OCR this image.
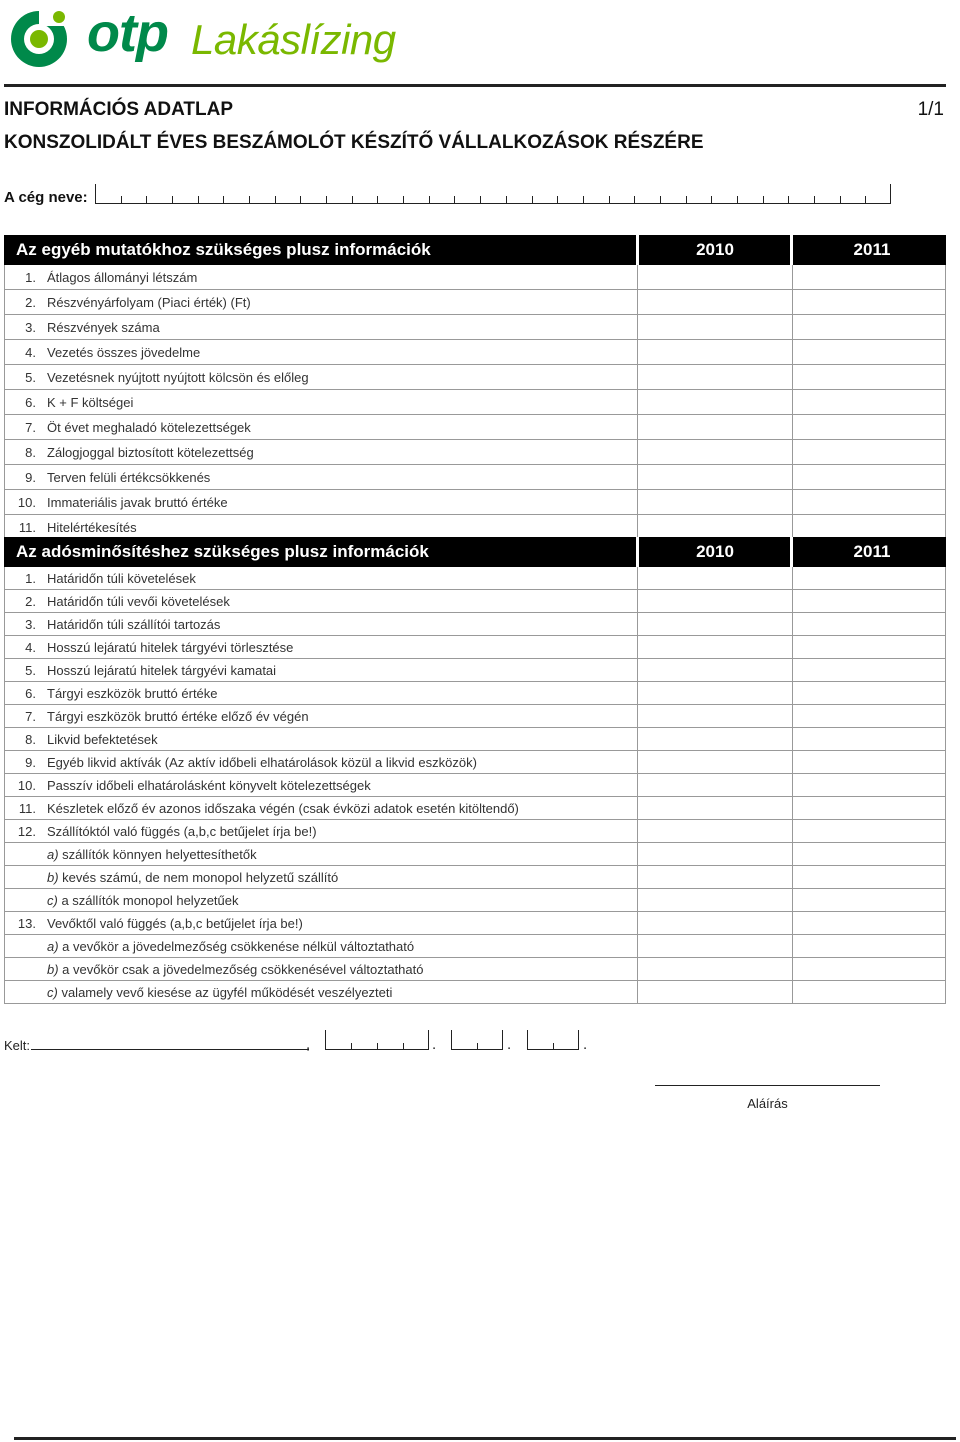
otp Lakáslízing
INFORMÁCIÓS ADATLAP	1/1
KONSZOLIDÁLT ÉVES BESZÁMOLÓT KÉSZÍTŐ VÁLLALKOZÁSOK RÉSZÉRE
A cég neve:
Az egyéb mutatókhoz szükséges plusz információk	2010	2011
1. Átlagos állományi létszám
2. Részvényárfolyam (Piaci érték) (Ft)
3. Részvények száma
4. Vezetés összes jövedelme
5. Vezetésnek nyújtott nyújtott kölcsön és előleg
6. K + F költségei
7. Öt évet meghaladó kötelezettségek
8. Zálogjoggal biztosított kötelezettség
9. Terven felüli értékcsökkenés
10. Immateriális javak bruttó értéke
11. Hitelértékesítés
Az adósminősítéshez szükséges plusz információk	2010	2011
1. Határidőn túli követelések
2. Határidőn túli vevői követelések
3. Határidőn túli szállítói tartozás
4. Hosszú lejáratú hitelek tárgyévi törlesztése
5. Hosszú lejáratú hitelek tárgyévi kamatai
6. Tárgyi eszközök bruttó értéke
7. Tárgyi eszközök bruttó értéke előző év végén
8. Likvid befektetések
9. Egyéb likvid aktívák (Az aktív időbeli elhatárolások közül a likvid eszközök)
10. Passzív időbeli elhatárolásként könyvelt kötelezettségek
11. Készletek előző év azonos időszaka végén (csak évközi adatok esetén kitöltendő)
12. Szállítóktól való függés (a,b,c betűjelet írja be!)
a) szállítók könnyen helyettesíthetők
b) kevés számú, de nem monopol helyzetű szállító
c) a szállítók monopol helyzetűek
13. Vevőktől való függés (a,b,c betűjelet írja be!)
a) a vevőkör a jövedelmezőség csökkenése nélkül változtatható
b) a vevőkör csak a jövedelmezőség csökkenésével változtatható
c) valamely vevő kiesése az ügyfél működését veszélyezteti
Kelt:	,	.	.	.
Aláírás
